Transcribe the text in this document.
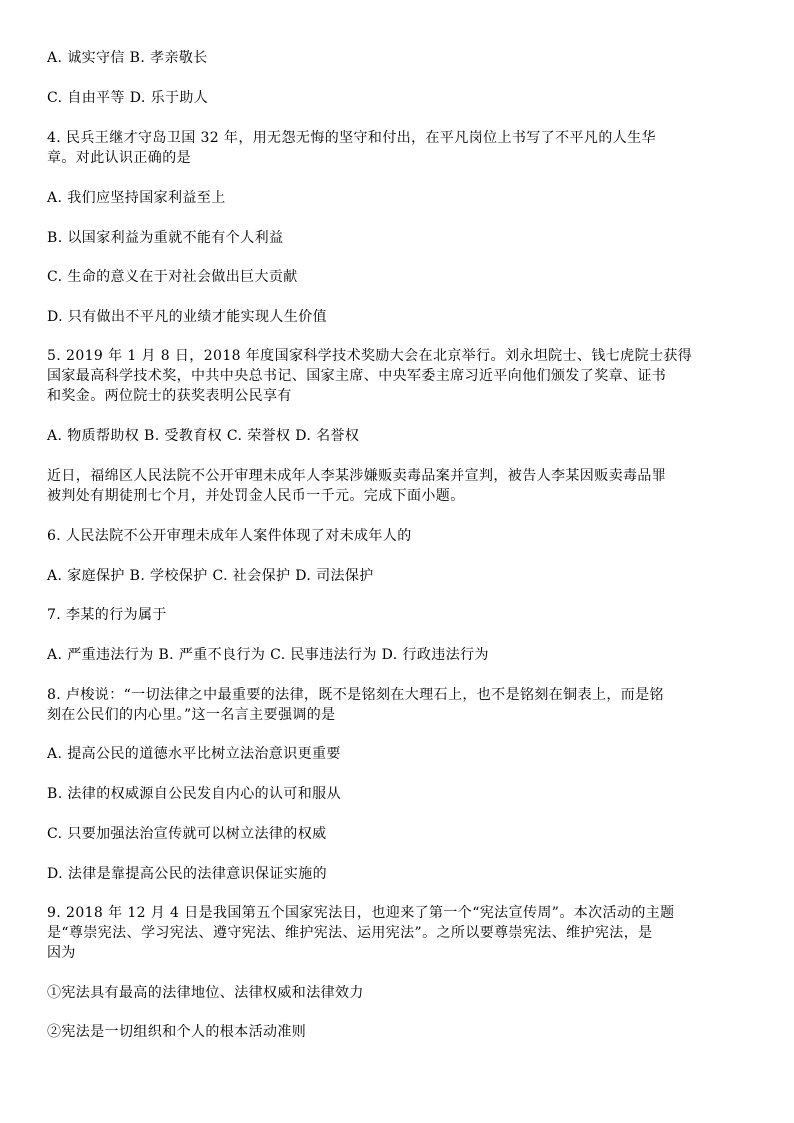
A. 诚实守信 B. 孝亲敬长
C. 自由平等 D. 乐于助人
4. 民兵王继才守岛卫国 32 年，用无怨无悔的坚守和付出，在平凡岗位上书写了不平凡的人生华
章。对此认识正确的是
A. 我们应坚持国家利益至上
B. 以国家利益为重就不能有个人利益
C. 生命的意义在于对社会做出巨大贡献
D. 只有做出不平凡的业绩才能实现人生价值
5. 2019 年 1 月 8 日，2018 年度国家科学技术奖励大会在北京举行。刘永坦院士、钱七虎院士获得
国家最高科学技术奖，中共中央总书记、国家主席、中央军委主席习近平向他们颁发了奖章、证书
和奖金。两位院士的获奖表明公民享有
A. 物质帮助权 B. 受教育权 C. 荣誉权 D. 名誉权
近日，福绵区人民法院不公开审理未成年人李某涉嫌贩卖毒品案并宣判，被告人李某因贩卖毒品罪
被判处有期徒刑七个月，并处罚金人民币一千元。完成下面小题。
6. 人民法院不公开审理未成年人案件体现了对未成年人的
A. 家庭保护 B. 学校保护 C. 社会保护 D. 司法保护
7. 李某的行为属于
A. 严重违法行为 B. 严重不良行为 C. 民事违法行为 D. 行政违法行为
8. 卢梭说：“一切法律之中最重要的法律，既不是铭刻在大理石上，也不是铭刻在铜表上，而是铭
刻在公民们的内心里。”这一名言主要强调的是
A. 提高公民的道德水平比树立法治意识更重要
B. 法律的权威源自公民发自内心的认可和服从
C. 只要加强法治宣传就可以树立法律的权威
D. 法律是靠提高公民的法律意识保证实施的
9. 2018 年 12 月 4 日是我国第五个国家宪法日，也迎来了第一个“宪法宣传周”。本次活动的主题
是“尊崇宪法、学习宪法、遵守宪法、维护宪法、运用宪法”。之所以要尊崇宪法、维护宪法，是
因为
①宪法具有最高的法律地位、法律权威和法律效力
②宪法是一切组织和个人的根本活动准则
